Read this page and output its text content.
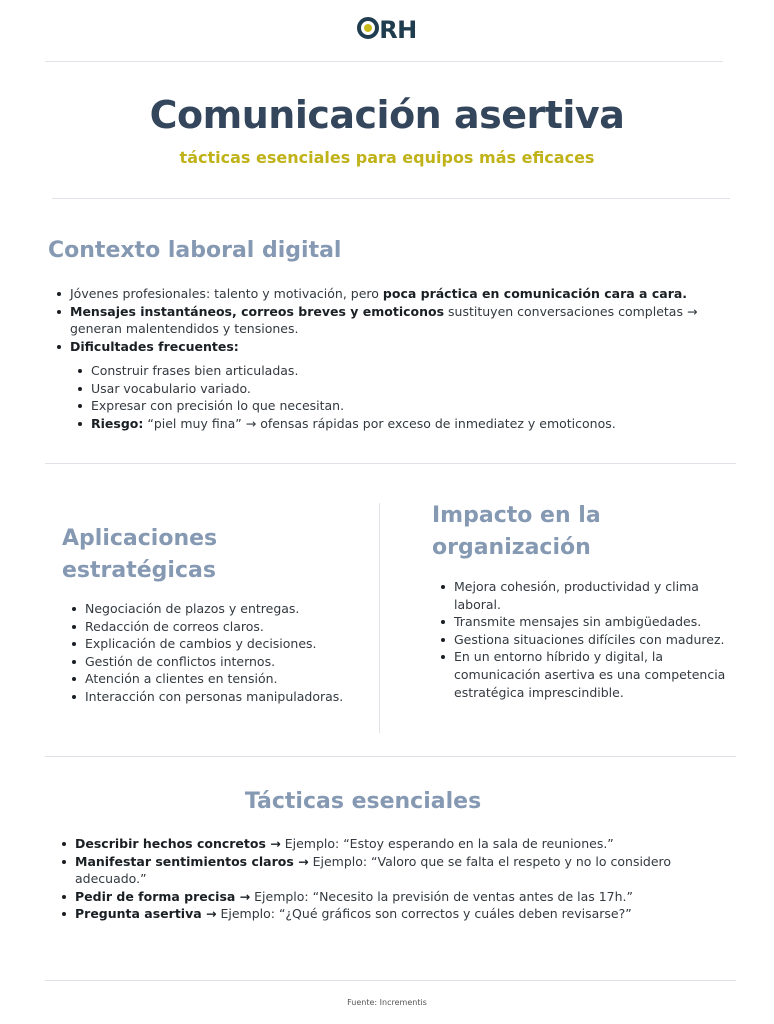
RH
Comunicación asertiva
tácticas esenciales para equipos más eficaces
Contexto laboral digital
Jóvenes profesionales: talento y motivación, pero poca práctica en comunicación cara a cara.
Mensajes instantáneos, correos breves y emoticonos sustituyen conversaciones completas → generan malentendidos y tensiones.
Dificultades frecuentes:
Construir frases bien articuladas.
Usar vocabulario variado.
Expresar con precisión lo que necesitan.
Riesgo: “piel muy fina” → ofensas rápidas por exceso de inmediatez y emoticonos.
Aplicaciones
estratégicas
Negociación de plazos y entregas.
Redacción de correos claros.
Explicación de cambios y decisiones.
Gestión de conflictos internos.
Atención a clientes en tensión.
Interacción con personas manipuladoras.
Impacto en la
organización
Mejora cohesión, productividad y clima laboral.
Transmite mensajes sin ambigüedades.
Gestiona situaciones difíciles con madurez.
En un entorno híbrido y digital, la comunicación asertiva es una competencia estratégica imprescindible.
Tácticas esenciales
Describir hechos concretos → Ejemplo: “Estoy esperando en la sala de reuniones.”
Manifestar sentimientos claros → Ejemplo: “Valoro que se falta el respeto y no lo considero adecuado.”
Pedir de forma precisa → Ejemplo: “Necesito la previsión de ventas antes de las 17h.”
Pregunta asertiva → Ejemplo: “¿Qué gráficos son correctos y cuáles deben revisarse?”
Fuente: Incrementis
